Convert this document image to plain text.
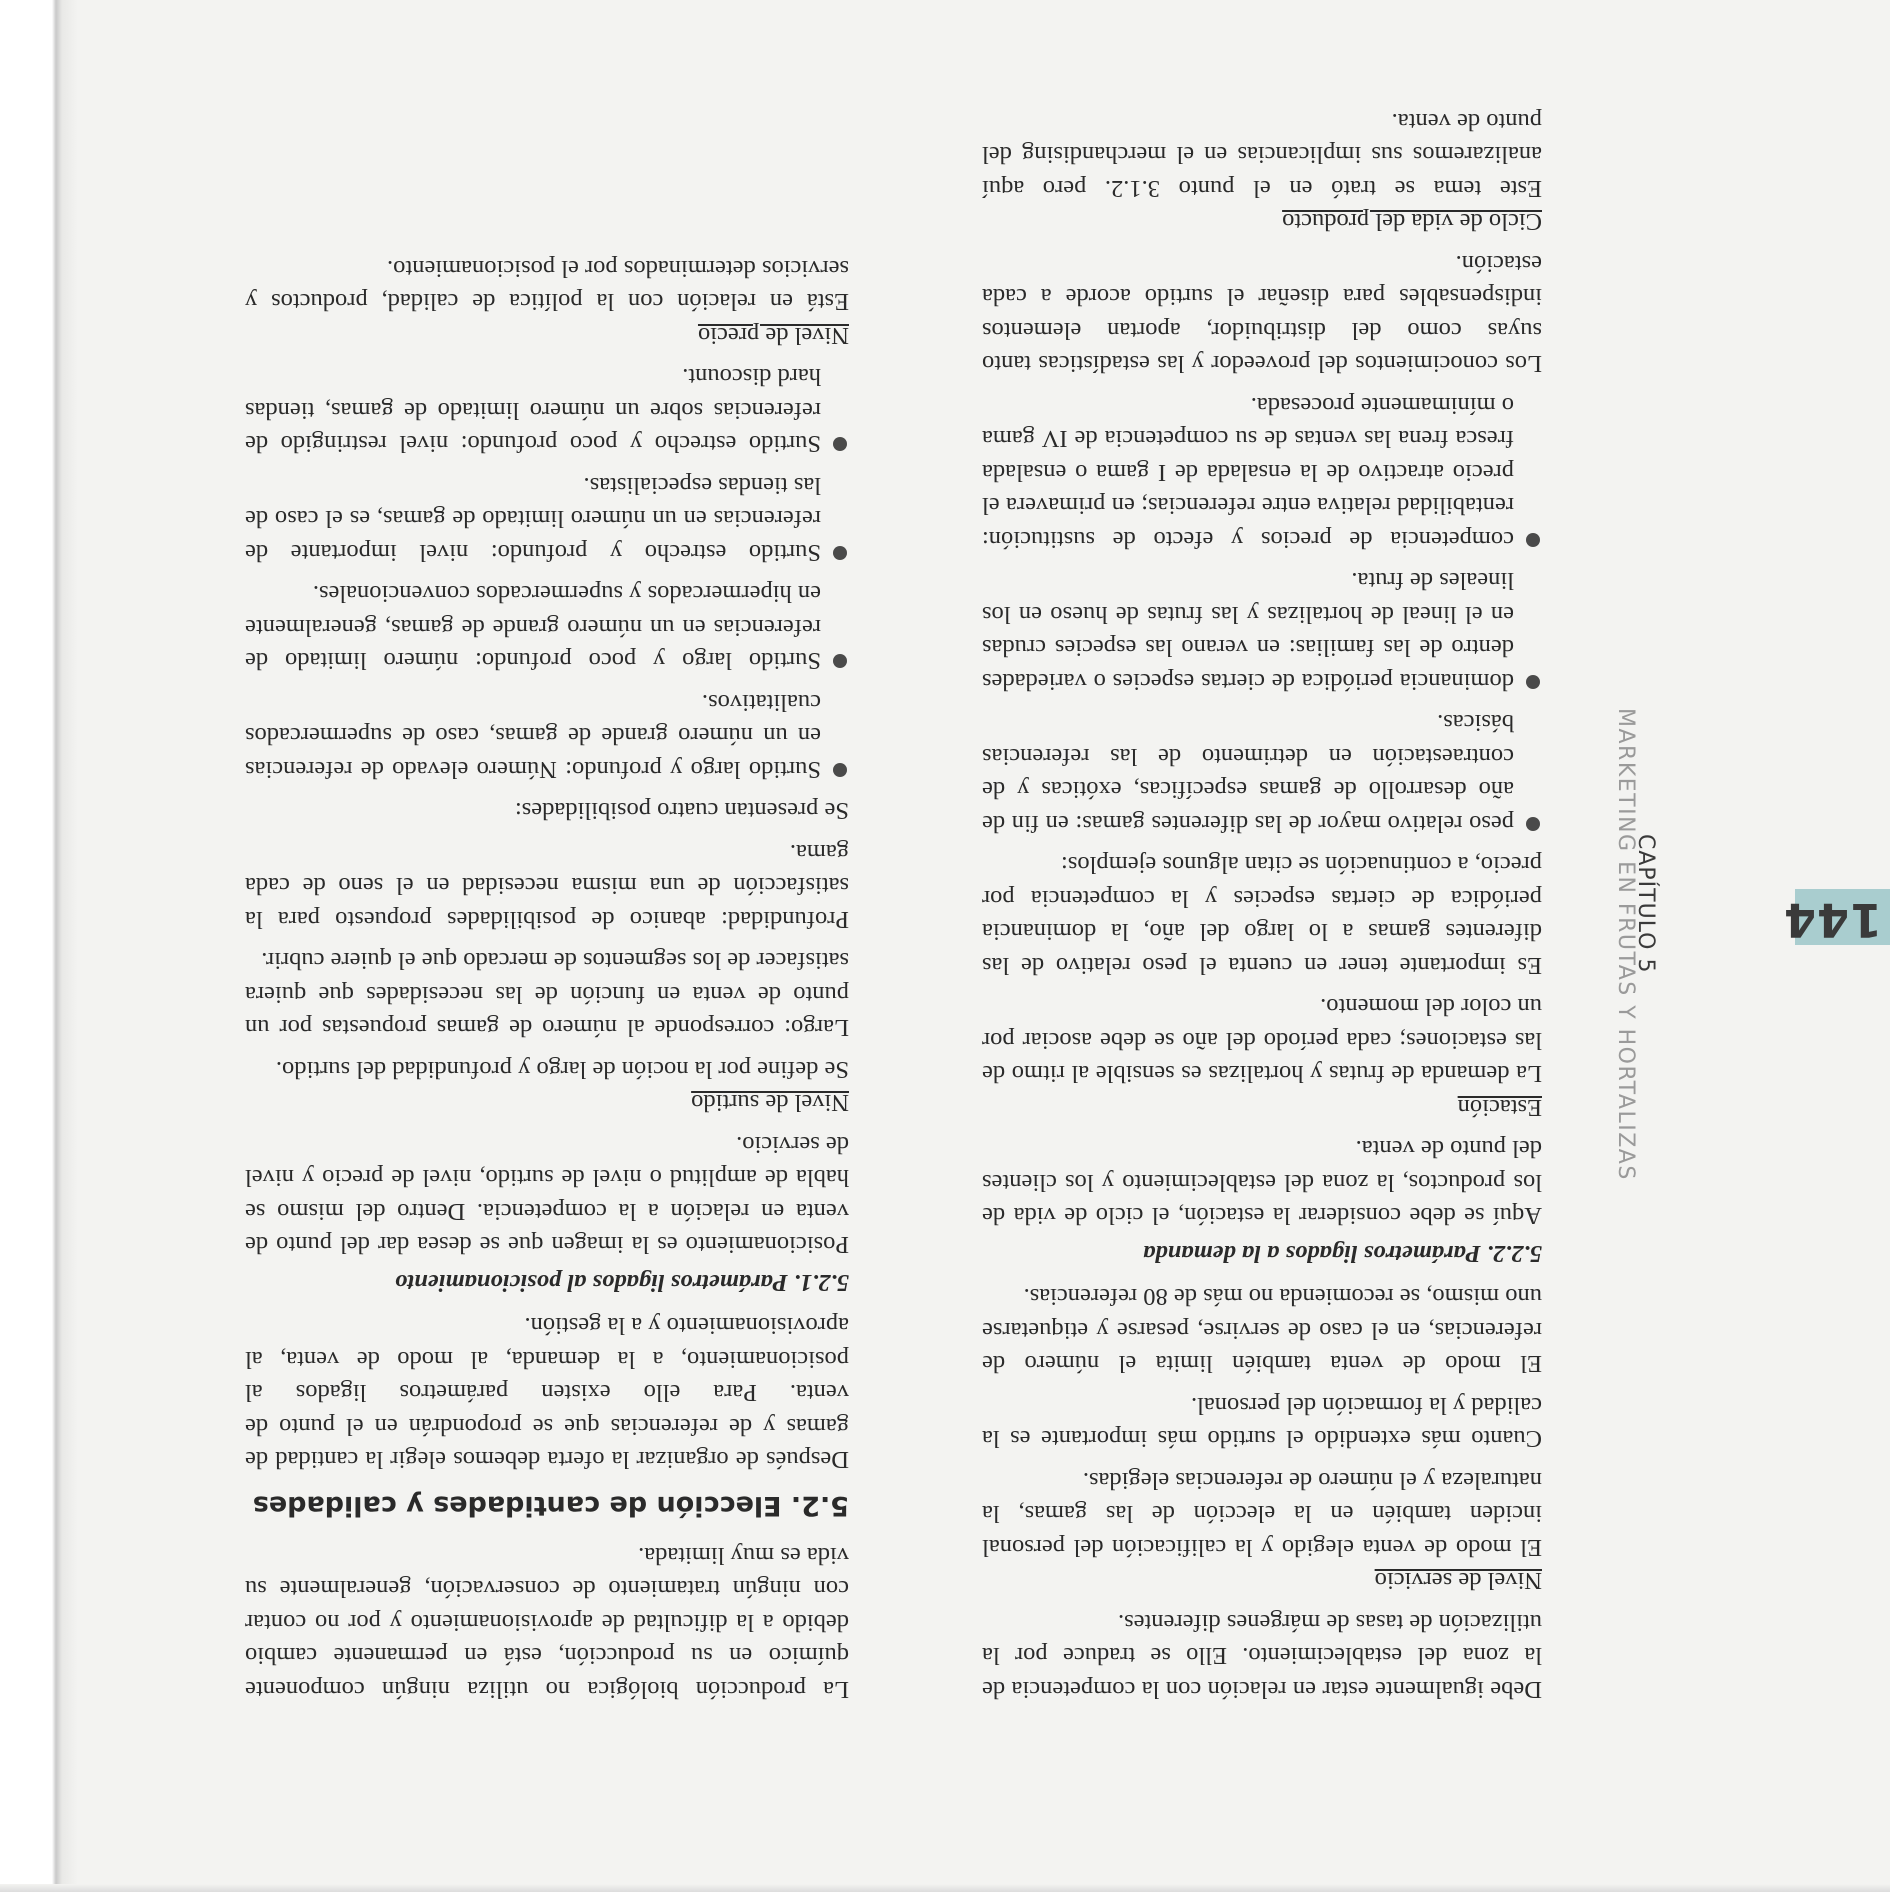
144
CAPÍTULO 5
MARKETING EN FRUTAS Y HORTALIZAS

La producción biológica no utiliza ningún componente químico en su producción, está en permanente cambio debido a la dificultad de aprovisionamiento y por no contar con ningún tratamiento de conservación, generalmente su vida es muy limitada.

5.2. Elección de cantidades y calidades

Después de organizar la oferta debemos elegir la cantidad de gamas y de referencias que se propondrán en el punto de venta. Para ello existen parámetros ligados al posicionamiento, a la demanda, al modo de venta, al aprovisionamiento y a la gestión.

5.2.1. Parámetros ligados al posicionamiento

Posicionamiento es la imagen que se desea dar del punto de venta en relación a la competencia. Dentro del mismo se habla de amplitud o nivel de surtido, nivel de precio y nivel de servicio.

Nivel de surtido

Se define por la noción de largo y profundidad del surtido.

Largo: corresponde al número de gamas propuestas por un punto de venta en función de las necesidades que quiera satisfacer de los segmentos de mercado que el quiere cubrir.

Profundidad: abanico de posibilidades propuesto para la satisfacción de una misma necesidad en el seno de cada gama.

Se presentan cuatro posibilidades:

Surtido largo y profundo: Número elevado de referencias en un número grande de gamas, caso de supermercados cualitativos.

Surtido largo y poco profundo: número limitado de referencias en un número grande de gamas, generalmente en hipermercados y supermercados convencionales.

Surtido estrecho y profundo: nivel importante de referencias en un número limitado de gamas, es el caso de las tiendas especialistas.

Surtido estrecho y poco profundo: nivel restringido de referencias sobre un número limitado de gamas, tiendas hard discount.

Nivel de precio

Está en relación con la política de calidad, productos y servicios determinados por el posicionamiento.

Debe igualmente estar en relación con la competencia de la zona del establecimiento. Ello se traduce por la utilización de tasas de márgenes diferentes.

Nivel de servicio

El modo de venta elegido y la calificación del personal inciden también en la elección de las gamas, la naturaleza y el número de referencias elegidas.

Cuanto más extendido el surtido más importante es la calidad y la formación del personal.

El modo de venta también limita el número de referencias, en el caso de servirse, pesarse y etiquetarse uno mismo, se recomienda no más de 80 referencias.

5.2.2. Parámetros ligados a la demanda

Aquí se debe considerar la estación, el ciclo de vida de los productos, la zona del establecimiento y los clientes del punto de venta.

Estación

La demanda de frutas y hortalizas es sensible al ritmo de las estaciones; cada período del año se debe asociar por un color del momento.

Es importante tener en cuenta el peso relativo de las diferentes gamas a lo largo del año, la dominancia periódica de ciertas especies y la competencia por precio, a continuación se citan algunos ejemplos:

peso relativo mayor de las diferentes gamas: en fin de año desarrollo de gamas específicas, exóticas y de contraestación en detrimento de las referencias básicas.

dominancia periódica de ciertas especies o variedades dentro de las familias: en verano las especies crudas en el lineal de hortalizas y las frutas de hueso en los lineales de fruta.

competencia de precios y efecto de sustitución: rentabilidad relativa entre referencias; en primavera el precio atractivo de la ensalada de I gama o ensalada fresca frena las ventas de su competencia de IV gama o mínimamente procesada.

Los conocimientos del proveedor y las estadísticas tanto suyas como del distribuidor, aportan elementos indispensables para diseñar el surtido acorde a cada estación.

Ciclo de vida del producto

Este tema se trató en el punto 3.1.2. pero aquí analizaremos sus implicancias en el merchandising del punto de venta.
